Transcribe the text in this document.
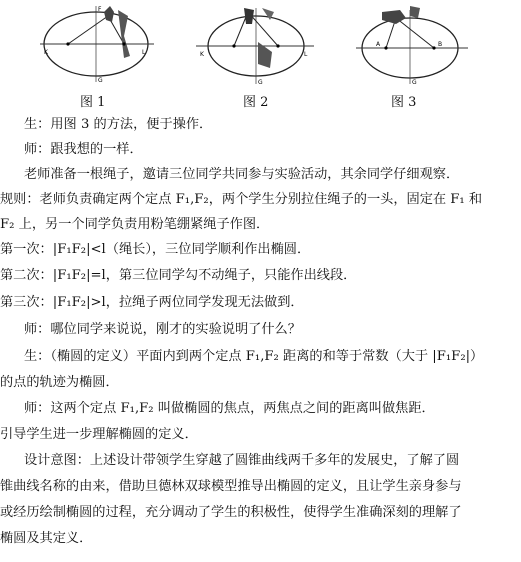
K	L
G
F
K	L
G
A	B
G
图 1	图 2	图 3
生：用图 3 的方法，便于操作．
师：跟我想的一样．
老师准备一根绳子，邀请三位同学共同参与实验活动，其余同学仔细观察．
规则：老师负责确定两个定点 F₁,F₂，两个学生分别拉住绳子的一头，固定在 F₁ 和
F₂ 上，另一个同学负责用粉笔绷紧绳子作图．
第一次：|F₁F₂|<l（绳长），三位同学顺利作出椭圆．
第二次：|F₁F₂|=l，第三位同学勾不动绳子，只能作出线段．
第三次：|F₁F₂|>l，拉绳子两位同学发现无法做到．
师：哪位同学来说说，刚才的实验说明了什么？
生：（椭圆的定义）平面内到两个定点 F₁,F₂ 距离的和等于常数（大于 |F₁F₂|）
的点的轨迹为椭圆．
师：这两个定点 F₁,F₂ 叫做椭圆的焦点，两焦点之间的距离叫做焦距．
引导学生进一步理解椭圆的定义．
设计意图：上述设计带领学生穿越了圆锥曲线两千多年的发展史，了解了圆
锥曲线名称的由来，借助旦德林双球模型推导出椭圆的定义，且让学生亲身参与
或经历绘制椭圆的过程，充分调动了学生的积极性，使得学生准确深刻的理解了
椭圆及其定义．
